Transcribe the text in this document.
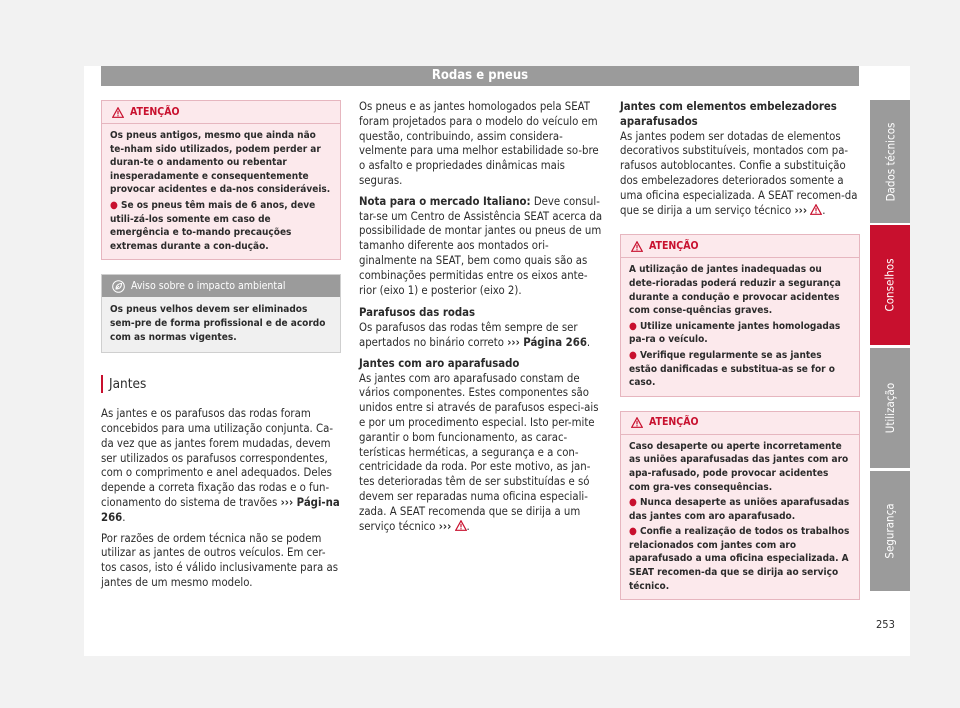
Rodas e pneus
ATENÇÃO
Os pneus antigos, mesmo que ainda não te-nham sido utilizados, podem perder ar duran-te o andamento ou rebentar inesperadamente e consequentemente provocar acidentes e da-nos consideráveis.
● Se os pneus têm mais de 6 anos, deve utili-zá-los somente em caso de emergência e to-mando precauções extremas durante a con-dução.
Aviso sobre o impacto ambiental
Os pneus velhos devem ser eliminados sem-pre de forma profissional e de acordo com as normas vigentes.
Jantes

As jantes e os parafusos das rodas foram concebidos para uma utilização conjunta. Ca-da vez que as jantes forem mudadas, devem ser utilizados os parafusos correspondentes, com o comprimento e anel adequados. Deles depende a correta fixação das rodas e o fun-cionamento do sistema de travões ››› Pági-na 266.

Por razões de ordem técnica não se podem utilizar as jantes de outros veículos. Em cer-tos casos, isto é válido inclusivamente para as jantes de um mesmo modelo.

Os pneus e as jantes homologados pela SEAT foram projetados para o modelo do veículo em questão, contribuindo, assim considera-velmente para uma melhor estabilidade so-bre o asfalto e propriedades dinâmicas mais seguras.

Nota para o mercado Italiano: Deve consul-tar-se um Centro de Assistência SEAT acerca da possibilidade de montar jantes ou pneus de um tamanho diferente aos montados ori-ginalmente na SEAT, bem como quais são as combinações permitidas entre os eixos ante-rior (eixo 1) e posterior (eixo 2).

Parafusos das rodas

Os parafusos das rodas têm sempre de ser apertados no binário correto ››› Página 266.

Jantes com aro aparafusado

As jantes com aro aparafusado constam de vários componentes. Estes componentes são unidos entre si através de parafusos especi-ais e por um procedimento especial. Isto per-mite garantir o bom funcionamento, as carac-terísticas herméticas, a segurança e a con-centricidade da roda. Por este motivo, as jan-tes deterioradas têm de ser substituídas e só devem ser reparadas numa oficina especiali-zada. A SEAT recomenda que se dirija a um serviço técnico ››› .

Jantes com elementos embelezadores aparafusados

As jantes podem ser dotadas de elementos decorativos substituíveis, montados com pa-rafusos autoblocantes. Confie a substituição dos embelezadores deteriorados somente a uma oficina especializada. A SEAT recomen-da que se dirija a um serviço técnico ››› .

ATENÇÃO
A utilização de jantes inadequadas ou dete-rioradas poderá reduzir a segurança durante a condução e provocar acidentes com conse-quências graves.
● Utilize unicamente jantes homologadas pa-ra o veículo.
● Verifique regularmente se as jantes estão danificadas e substitua-as se for o caso.
ATENÇÃO
Caso desaperte ou aperte incorretamente as uniões aparafusadas das jantes com aro apa-rafusado, pode provocar acidentes com gra-ves consequências.
● Nunca desaperte as uniões aparafusadas das jantes com aro aparafusado.
● Confie a realização de todos os trabalhos relacionados com jantes com aro aparafusado a uma oficina especializada. A SEAT recomen-da que se dirija ao serviço técnico.
Dados técnicos
Conselhos
Utilização
Segurança
253
